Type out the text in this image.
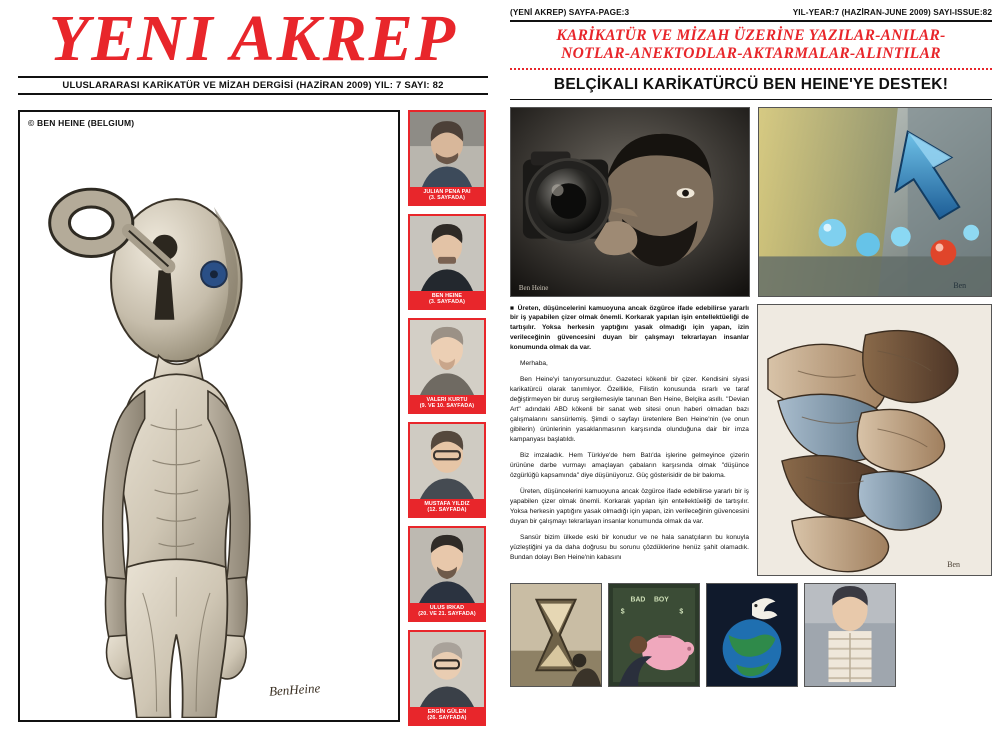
YENI AKREP
ULUSLARARASI KARİKATÜR VE MİZAH DERGİSİ (HAZİRAN 2009) YIL: 7 SAYI: 82
© BEN HEINE (BELGIUM)
BenHeine
JULIAN PENA PAI
(3. SAYFADA)
BEN HEINE
(3. SAYFADA)
VALERI KURTU
(9. VE 10. SAYFADA)
MUSTAFA YILDIZ
(12. SAYFADA)
ULUS IRKAD
(20. VE 21. SAYFADA)
ERGİN GÜLEN
(26. SAYFADA)
(YENİ AKREP) SAYFA-PAGE:3	YIL-YEAR:7 (HAZİRAN-JUNE 2009) SAYI-ISSUE:82
KARİKATÜR VE MİZAH ÜZERİNE YAZILAR-ANILAR-
NOTLAR-ANEKTODLAR-AKTARMALAR-ALINTILAR
BELÇİKALI KARİKATÜRCÜ BEN HEINE'YE DESTEK!
Ben Heine	Ben
■ Üreten, düşüncelerini kamuoyuna ancak özgürce ifade edebilirse yararlı bir iş yapabilen çizer olmak önemli. Korkarak yapılan işin entellektüeliği de tartışılır. Yoksa herkesin yaptığını yasak olmadığı için yapan, izin verileceğinin güvencesini duyan bir çalışmayı tekrarlayan insanlar konumunda olmak da var.
Merhaba,
Ben Heine'yi tanıyorsunuzdur. Gazeteci kökenli bir çizer. Kendisini siyasi karikatürcü olarak tanımlıyor. Özellikle, Filistin konusunda ısrarlı ve taraf değiştirmeyen bir duruş sergilemesiyle tanınan Ben Heine, Belçika asıllı. "Devian Art" adındaki ABD kökenli bir sanat web sitesi onun haberi olmadan bazı çalışmalarını sansürlemiş. Şimdi o sayfayı üretenlere Ben Heine'nin (ve onun gibilerin) ürünlerinin yasaklanmasının karşısında olunduğuna dair bir imza kampanyası başlatıldı.
Biz imzaladık. Hem Türkiye'de hem Batı'da işlerine gelmeyince çizerin ürününe darbe vurmayı amaçlayan çabaların karşısında olmak "düşünce özgürlüğü kapsamında" diye düşünüyoruz. Güç gösterisidir de bir bakıma.
Üreten, düşüncelerini kamuoyuna ancak özgürce ifade edebilirse yararlı bir iş yapabilen çizer olmak önemli. Korkarak yapılan işin entellektüeliği de tartışılır. Yoksa herkesin yaptığını yasak olmadığı için yapan, izin verileceğinin güvencesini duyan bir çalışmayı tekrarlayan insanlar konumunda olmak da var.
Sansür bizim ülkede eski bir konudur ve ne hala sanatçıların bu konuyla yüzleştiğini ya da daha doğrusu bu sorunu çözdüklerine henüz şahit olamadık. Bundan dolayı Ben Heine'nin kabasını
Ben
BAD BOY
$	$
